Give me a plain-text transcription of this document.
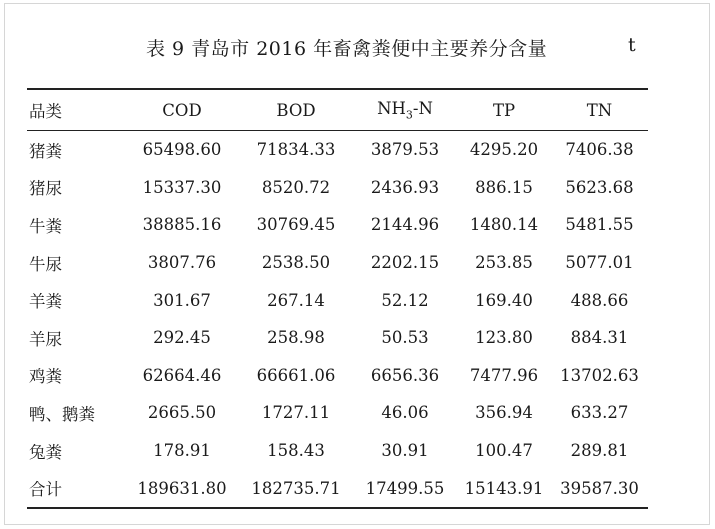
表 9 青岛市 2016 年畜禽粪便中主要养分含量	t
品类	COD	BOD	$NH_3-N$	TP	TN
猪粪	65498.60	71834.33	3879.53	4295.20	7406.38
猪尿	15337.30	8520.72	2436.93	886.15	5623.68
牛粪	38885.16	30769.45	2144.96	1480.14	5481.55
牛尿	3807.76	2538.50	2202.15	253.85	5077.01
羊粪	301.67	267.14	52.12	169.40	488.66
羊尿	292.45	258.98	50.53	123.80	884.31
鸡粪	62664.46	66661.06	6656.36	7477.96	13702.63
鸭、鹅粪	2665.50	1727.11	46.06	356.94	633.27
兔粪	178.91	158.43	30.91	100.47	289.81
合计	189631.80	182735.71	17499.55	15143.91	39587.30
